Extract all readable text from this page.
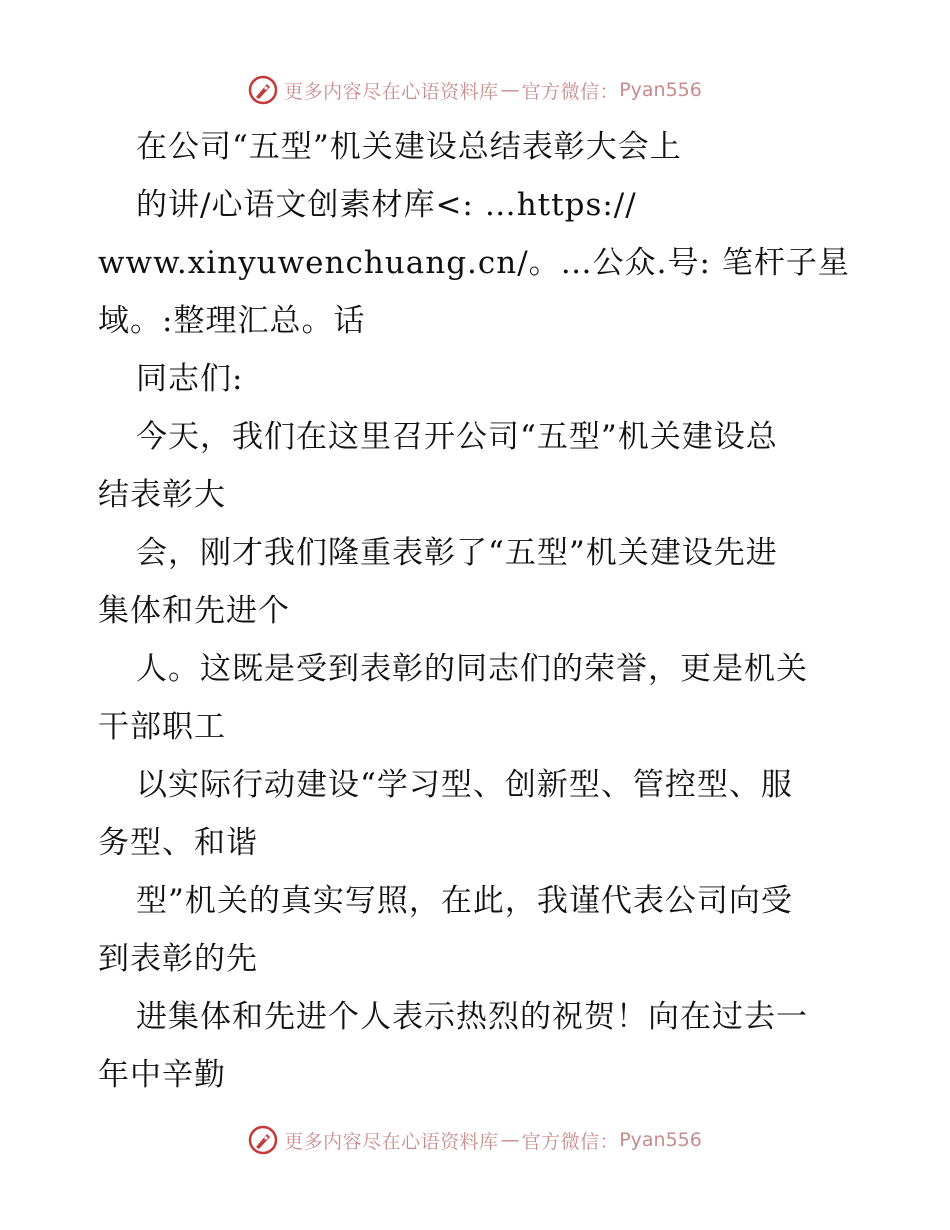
更多内容尽在心语资料库 — 官方微信： Pyan556
在公司“五型”机关建设总结表彰大会上
的讲/心语文创素材库<: …https://
www.xinyuwenchuang.cn/。…公众.号: 笔杆子星
域。:整理汇总。话
同志们:
今天，我们在这里召开公司“五型”机关建设总
结表彰大
会，刚才我们隆重表彰了“五型”机关建设先进
集体和先进个
人。这既是受到表彰的同志们的荣誉，更是机关
干部职工
以实际行动建设“学习型、创新型、管控型、服
务型、和谐
型”机关的真实写照，在此，我谨代表公司向受
到表彰的先
进集体和先进个人表示热烈的祝贺！向在过去一
年中辛勤
更多内容尽在心语资料库 — 官方微信： Pyan556
